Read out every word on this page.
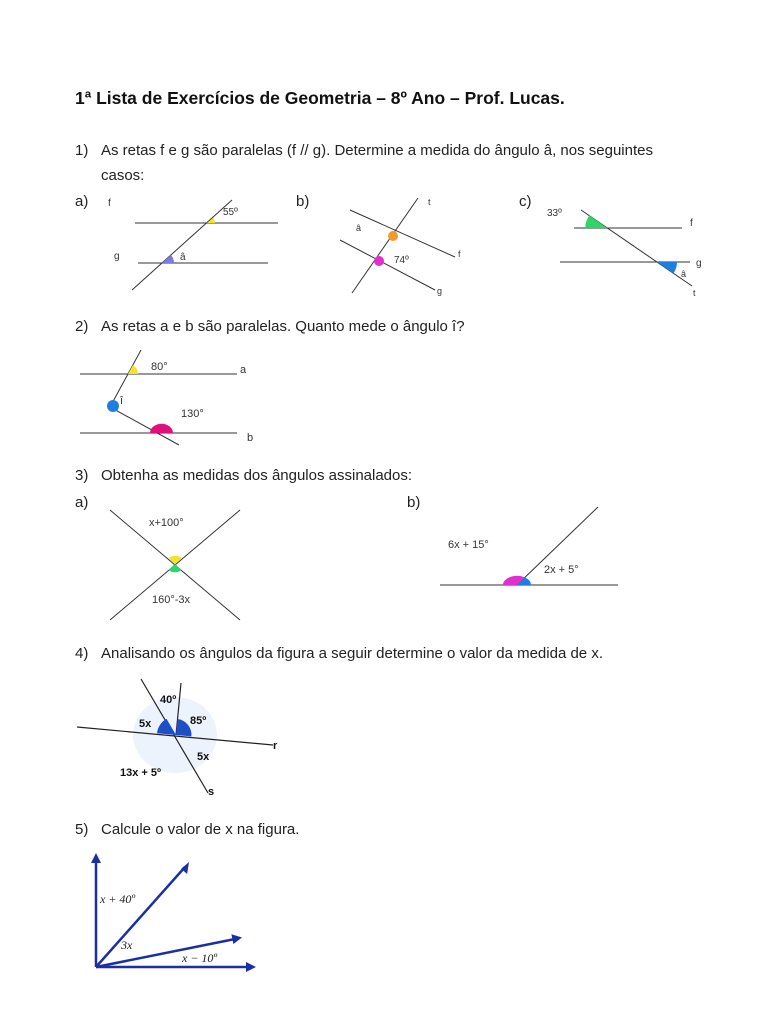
1ª Lista de Exercícios de Geometria – 8º Ano – Prof. Lucas.
1) As retas f e g são paralelas (f // g). Determine a medida do ângulo â, nos seguintes
casos:
a) f
g
55º
â
b)	t
â
74º
f
g
c)
33º
f
g
â
t
2) As retas a e b são paralelas. Quanto mede o ângulo î?
80°	a
î
130°
b
3) Obtenha as medidas dos ângulos assinalados:
a)
x+100°
160°-3x
b)
6x + 15°
2x + 5°
4) Analisando os ângulos da figura a seguir determine o valor da medida de x.
40º
85º
5x
5x
13x + 5º
r
s
5) Calcule o valor de x na figura.
x + 40º
3x
x − 10º
